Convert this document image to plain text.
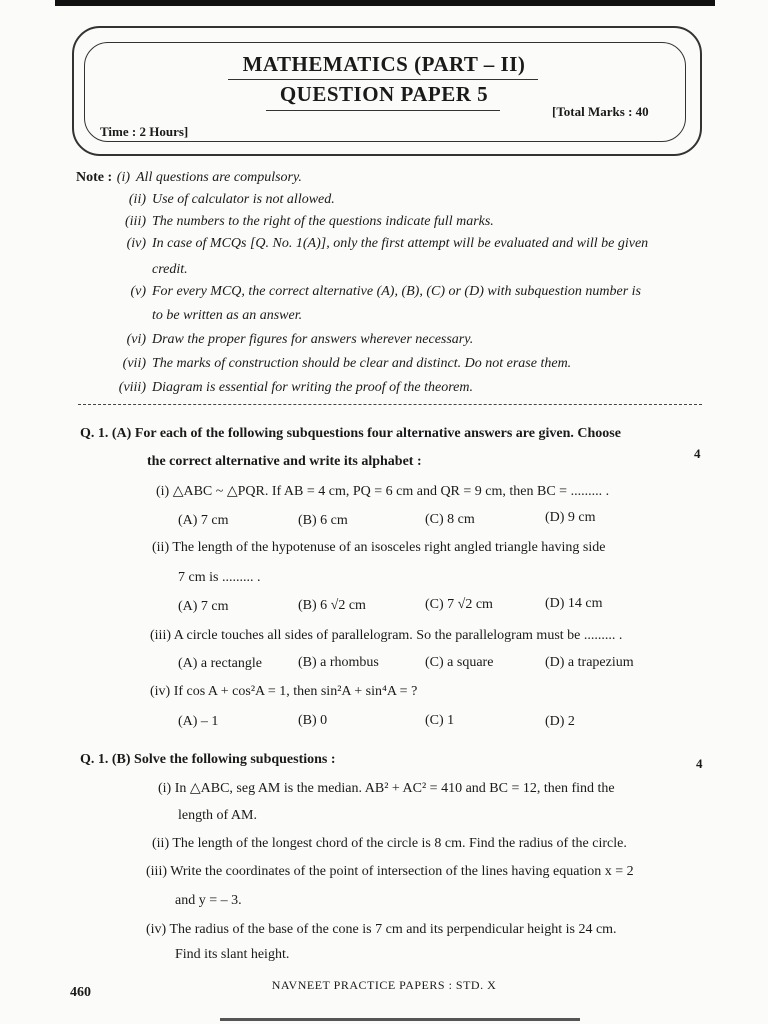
MATHEMATICS (PART – II)
QUESTION PAPER 5
Time : 2 Hours]
[Total Marks : 40
Note : (i) All questions are compulsory.
(ii) Use of calculator is not allowed.
(iii) The numbers to the right of the questions indicate full marks.
(iv) In case of MCQs [Q. No. 1(A)], only the first attempt will be evaluated and will be given
credit.
(v) For every MCQ, the correct alternative (A), (B), (C) or (D) with subquestion number is
to be written as an answer.
(vi) Draw the proper figures for answers wherever necessary.
(vii) The marks of construction should be clear and distinct. Do not erase them.
(viii) Diagram is essential for writing the proof of the theorem.
Q. 1. (A) For each of the following subquestions four alternative answers are given. Choose
the correct alternative and write its alphabet :
4
(i) △ABC ~ △PQR. If AB = 4 cm, PQ = 6 cm and QR = 9 cm, then BC = ......... .
(A) 7 cm	(B) 6 cm	(C) 8 cm	(D) 9 cm
(ii) The length of the hypotenuse of an isosceles right angled triangle having side
7 cm is ......... .
(A) 7 cm	(B) 6 √2 cm	(C) 7 √2 cm	(D) 14 cm
(iii) A circle touches all sides of parallelogram. So the parallelogram must be ......... .
(A) a rectangle	(B) a rhombus	(C) a square	(D) a trapezium
(iv) If cos A + cos²A = 1, then sin²A + sin⁴A = ?
(A) – 1	(B) 0	(C) 1	(D) 2
Q. 1. (B) Solve the following subquestions :	4
(i) In △ABC, seg AM is the median. AB² + AC² = 410 and BC = 12, then find the
length of AM.
(ii) The length of the longest chord of the circle is 8 cm. Find the radius of the circle.
(iii) Write the coordinates of the point of intersection of the lines having equation x = 2
and y = – 3.
(iv) The radius of the base of the cone is 7 cm and its perpendicular height is 24 cm.
Find its slant height.
460	NAVNEET PRACTICE PAPERS : STD. X
